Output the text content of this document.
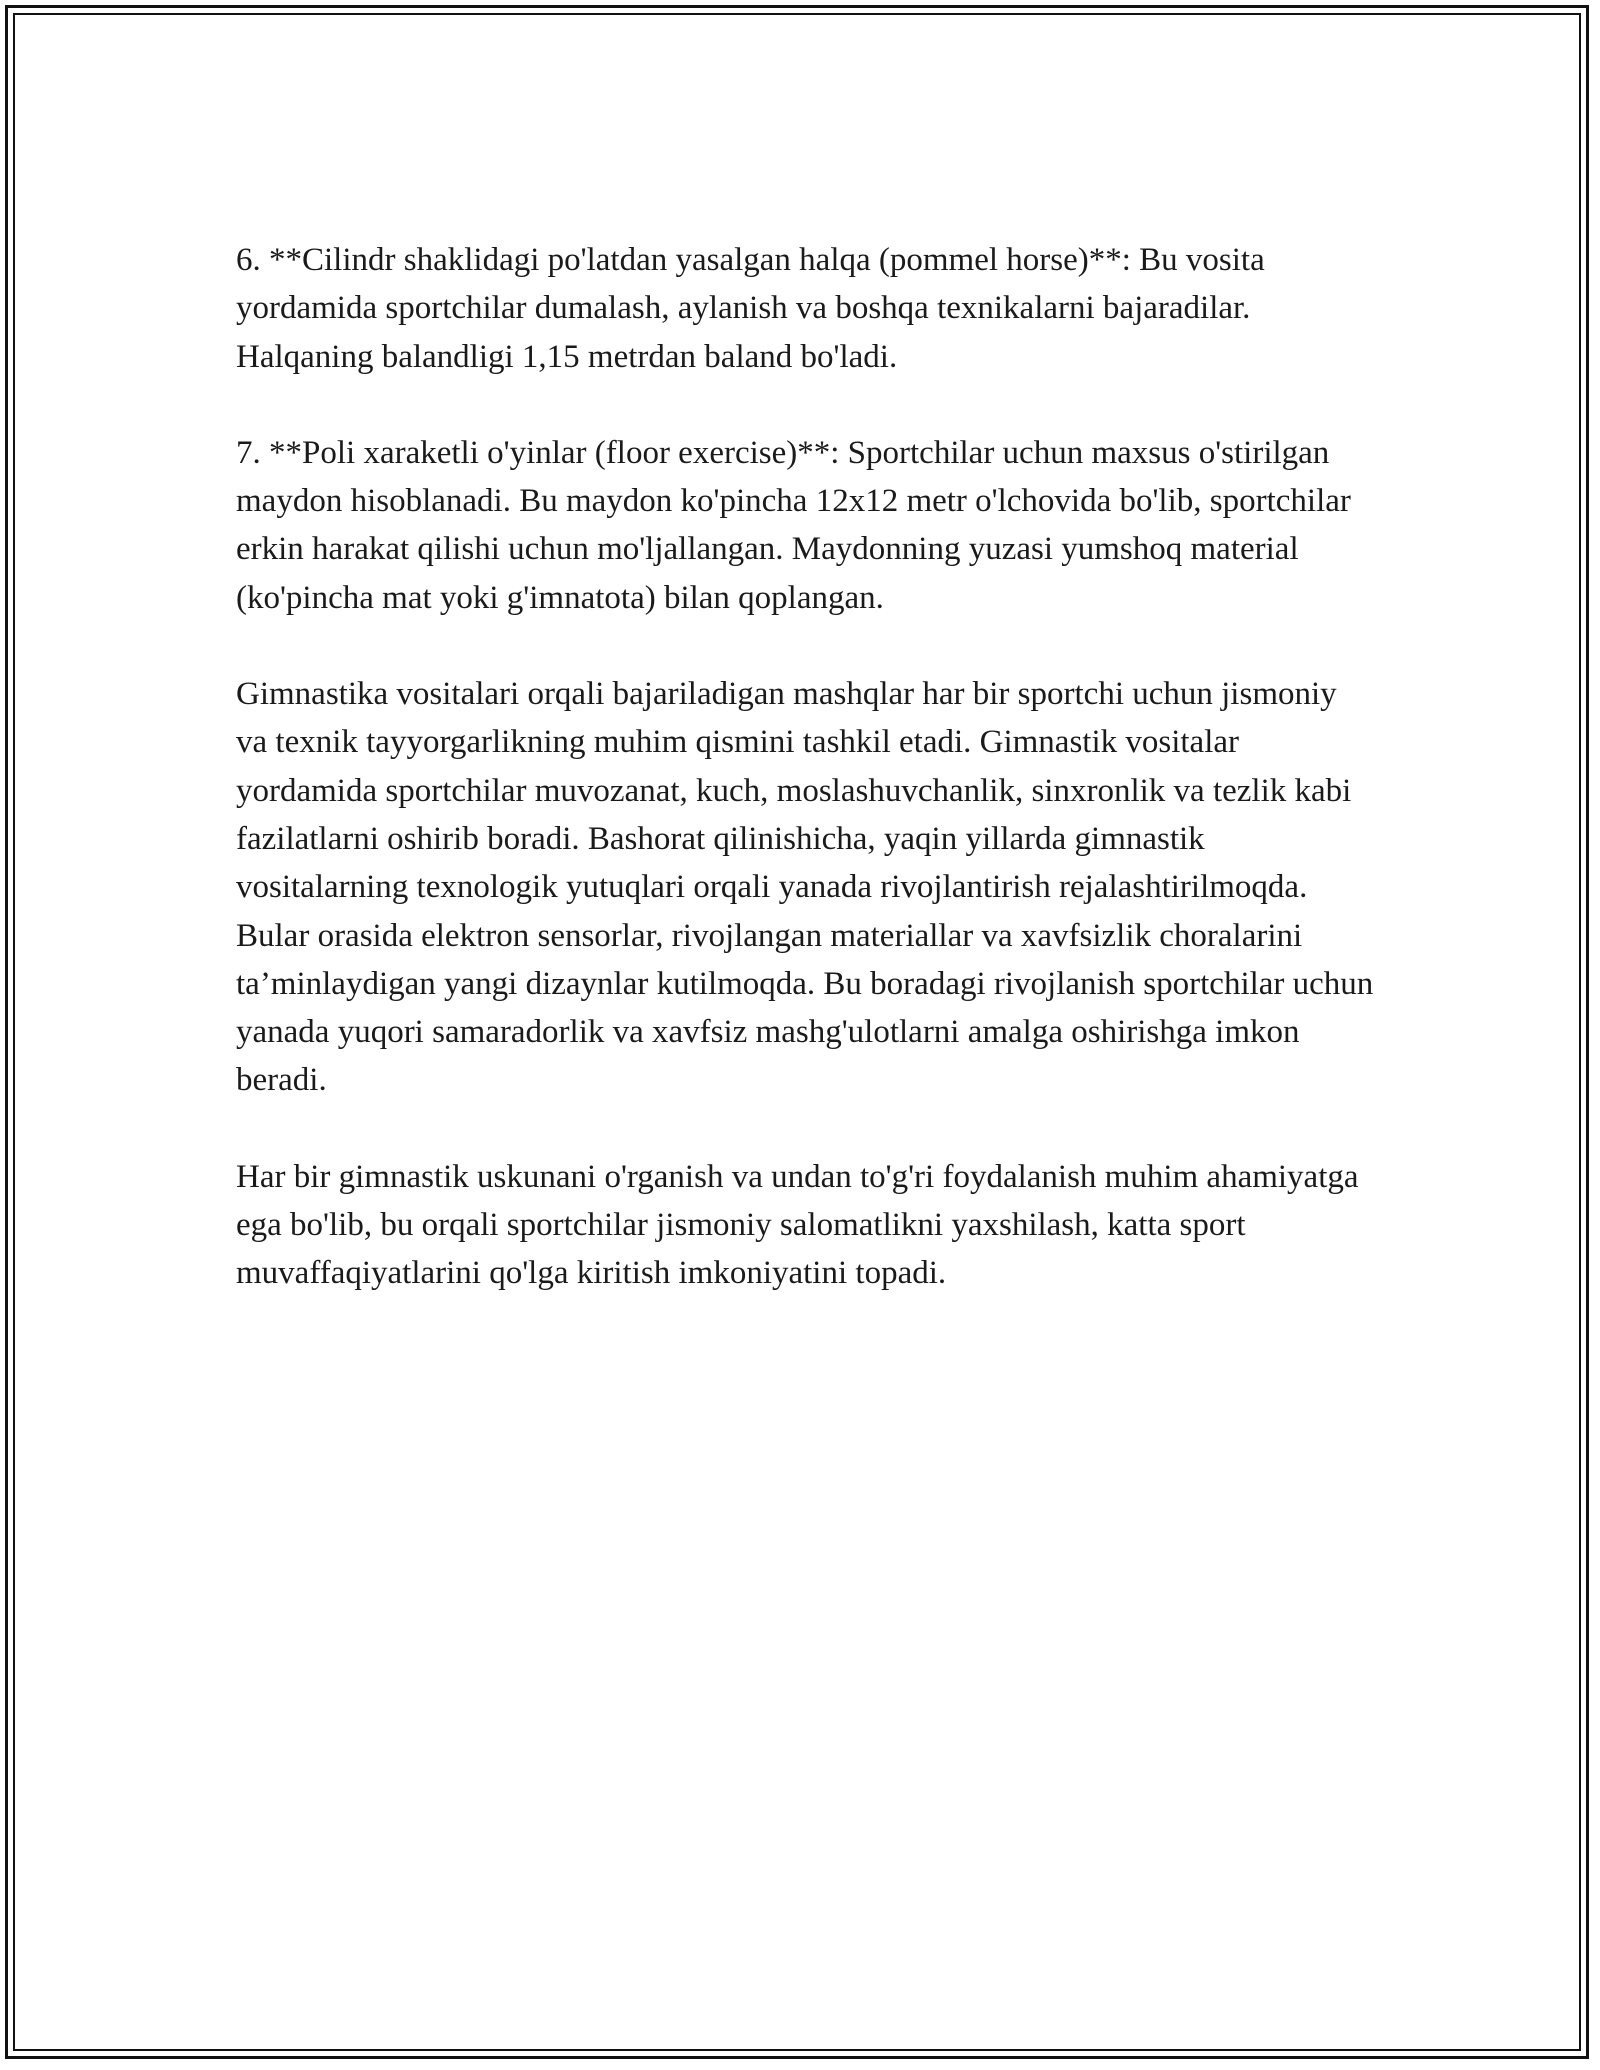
6. **Cilindr shaklidagi po'latdan yasalgan halqa (pommel horse)**: Bu vosita yordamida sportchilar dumalash, aylanish va boshqa texnikalarni bajaradilar. Halqaning balandligi 1,15 metrdan baland bo'ladi.

7. **Poli xaraketli o'yinlar (floor exercise)**: Sportchilar uchun maxsus o'stirilgan maydon hisoblanadi. Bu maydon ko'pincha 12x12 metr o'lchovida bo'lib, sportchilar erkin harakat qilishi uchun mo'ljallangan. Maydonning yuzasi yumshoq material (ko'pincha mat yoki g'imnatota) bilan qoplangan.

Gimnastika vositalari orqali bajariladigan mashqlar har bir sportchi uchun jismoniy va texnik tayyorgarlikning muhim qismini tashkil etadi. Gimnastik vositalar yordamida sportchilar muvozanat, kuch, moslashuvchanlik, sinxronlik va tezlik kabi fazilatlarni oshirib boradi. Bashorat qilinishicha, yaqin yillarda gimnastik vositalarning texnologik yutuqlari orqali yanada rivojlantirish rejalashtirilmoqda. Bular orasida elektron sensorlar, rivojlangan materiallar va xavfsizlik choralarini ta’minlaydigan yangi dizaynlar kutilmoqda. Bu boradagi rivojlanish sportchilar uchun yanada yuqori samaradorlik va xavfsiz mashg'ulotlarni amalga oshirishga imkon beradi.

Har bir gimnastik uskunani o'rganish va undan to'g'ri foydalanish muhim ahamiyatga ega bo'lib, bu orqali sportchilar jismoniy salomatlikni yaxshilash, katta sport muvaffaqiyatlarini qo'lga kiritish imkoniyatini topadi.
